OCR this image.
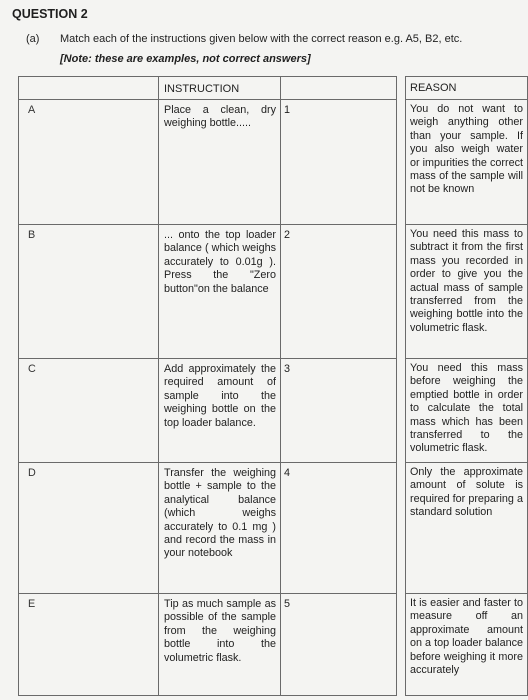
QUESTION 2
(a) Match each of the instructions given below with the correct reason e.g. A5, B2, etc.
[Note: these are examples, not correct answers]

	INSTRUCTION			REASON

A	Place a clean, dry weighing bottle.....	1		You do not want to weigh anything other than your sample. If you also weigh water or impurities the correct mass of the sample will not be known
B	... onto the top loader balance ( which weighs accurately to 0.01g ). Press the "Zero button"on the balance	2		You need this mass to subtract it from the first mass you recorded in order to give you the actual mass of sample transferred from the weighing bottle into the volumetric flask.
C	Add approximately the required amount of sample into the weighing bottle on the top loader balance.	3		You need this mass before weighing the emptied bottle in order to calculate the total mass which has been transferred to the volumetric flask.
D	Transfer the weighing bottle + sample to the analytical balance (which weighs accurately to 0.1 mg ) and record the mass in your notebook	4		Only the approximate amount of solute is required for preparing a standard solution
E	Tip as much sample as possible of the sample from the weighing bottle into the volumetric flask.	5		It is easier and faster to measure off an approximate amount on a top loader balance before weighing it more accurately
